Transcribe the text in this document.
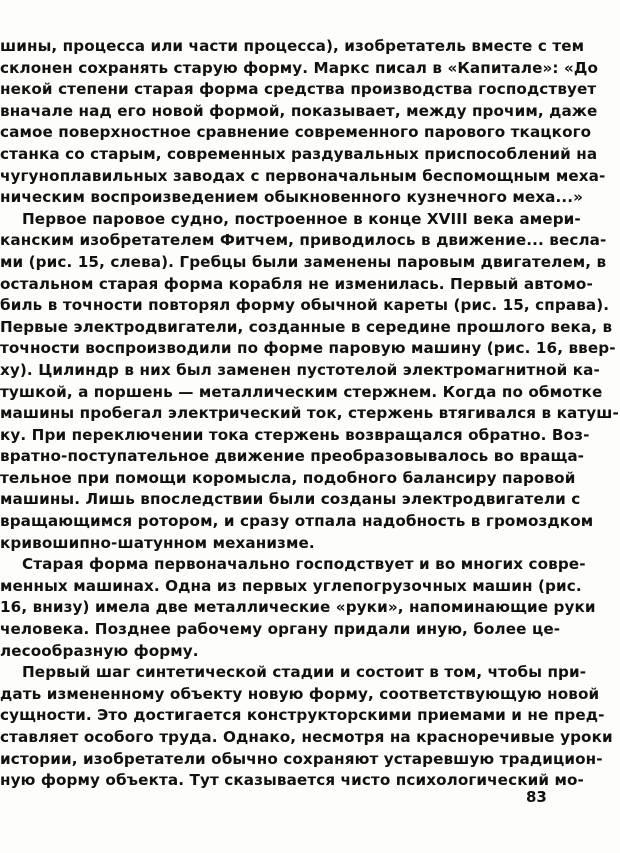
шины, процесса или части процесса), изобретатель вместе с тем
склонен сохранять старую форму. Маркс писал в «Капитале»: «До
некой степени старая форма средства производства господствует
вначале над его новой формой, показывает, между прочим, даже
самое поверхностное сравнение современного парового ткацкого
станка со старым, современных раздувальных приспособлений на
чугуноплавильных заводах с первоначальным беспомощным меха-
ническим воспроизведением обыкновенного кузнечного меха...»
Первое паровое судно, построенное в конце XVIII века амери-
канским изобретателем Фитчем, приводилось в движение... весла-
ми (рис. 15, слева). Гребцы были заменены паровым двигателем, в
остальном старая форма корабля не изменилась. Первый автомо-
биль в точности повторял форму обычной кареты (рис. 15, справа).
Первые электродвигатели, созданные в середине прошлого века, в
точности воспроизводили по форме паровую машину (рис. 16, ввер-
ху). Цилиндр в них был заменен пустотелой электромагнитной ка-
тушкой, а поршень — металлическим стержнем. Когда по обмотке
машины пробегал электрический ток, стержень втягивался в катуш-
ку. При переключении тока стержень возвращался обратно. Воз-
вратно-поступательное движение преобразовывалось во враща-
тельное при помощи коромысла, подобного балансиру паровой
машины. Лишь впоследствии были созданы электродвигатели с
вращающимся ротором, и сразу отпала надобность в громоздком
кривошипно-шатунном механизме.
Старая форма первоначально господствует и во многих совре-
менных машинах. Одна из первых углепогрузочных машин (рис.
16, внизу) имела две металлические «руки», напоминающие руки
человека. Позднее рабочему органу придали иную, более це-
лесообразную форму.
Первый шаг синтетической стадии и состоит в том, чтобы при-
дать измененному объекту новую форму, соответствующую новой
сущности. Это достигается конструкторскими приемами и не пред-
ставляет особого труда. Однако, несмотря на красноречивые уроки
истории, изобретатели обычно сохраняют устаревшую традицион-
ную форму объекта. Тут сказывается чисто психологический мо-
83
